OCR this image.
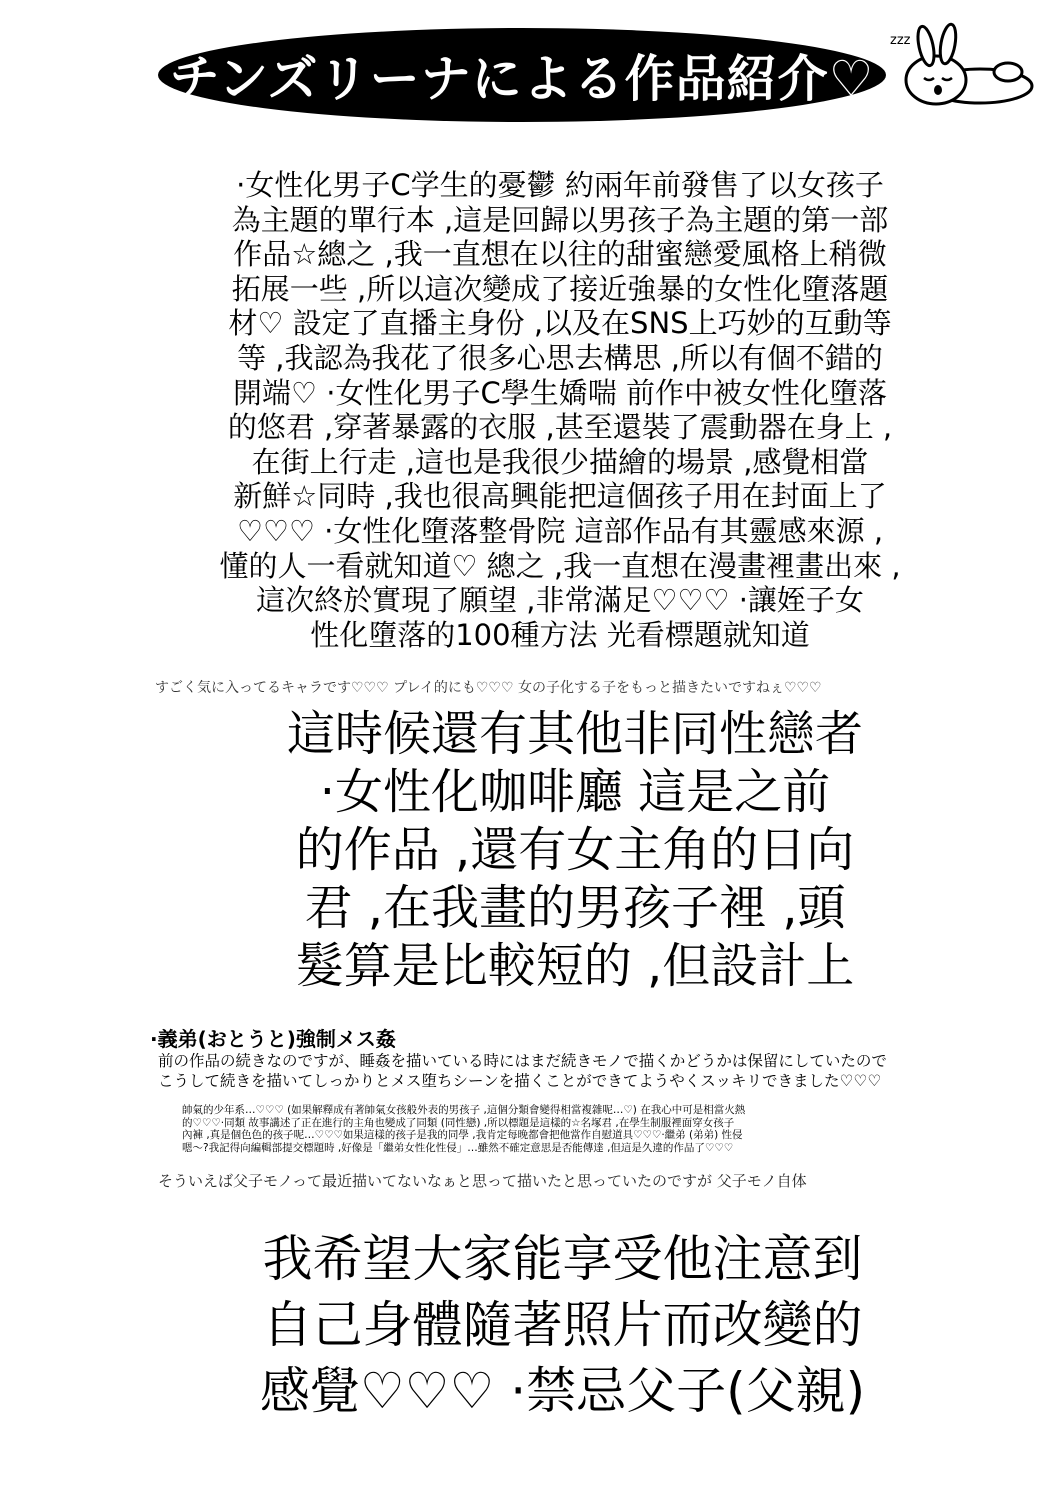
チンズリーナによる作品紹介♡
zzz
·女性化男子C学生的憂鬱 約兩年前發售了以女孩子
為主題的單行本 ,這是回歸以男孩子為主題的第一部
作品☆總之 ,我一直想在以往的甜蜜戀愛風格上稍微
拓展一些 ,所以這次變成了接近強暴的女性化墮落題
材♡ 設定了直播主身份 ,以及在SNS上巧妙的互動等
等 ,我認為我花了很多心思去構思 ,所以有個不錯的
開端♡ ·女性化男子C學生嬌喘 前作中被女性化墮落
的悠君 ,穿著暴露的衣服 ,甚至還裝了震動器在身上 ,
在街上行走 ,這也是我很少描繪的場景 ,感覺相當
新鮮☆同時 ,我也很高興能把這個孩子用在封面上了
♡♡♡ ·女性化墮落整骨院 這部作品有其靈感來源 ,
懂的人一看就知道♡ 總之 ,我一直想在漫畫裡畫出來 ,
這次終於實現了願望 ,非常滿足♡♡♡ ·讓姪子女
性化墮落的100種方法 光看標題就知道
すごく気に入ってるキャラです♡♡♡ プレイ的にも♡♡♡ 女の子化する子をもっと描きたいですねぇ♡♡♡
這時候還有其他非同性戀者
·女性化咖啡廳 這是之前
的作品 ,還有女主角的日向
君 ,在我畫的男孩子裡 ,頭
髮算是比較短的 ,但設計上
·義弟(おとうと)強制メス姦
前の作品の続きなのですが、睡姦を描いている時にはまだ続きモノで描くかどうかは保留にしていたので
こうして続きを描いてしっかりとメス堕ちシーンを描くことができてようやくスッキリできました♡♡♡
帥氣的少年系…♡♡♡ (如果解釋成有著帥氣女孩般外表的男孩子 ,這個分類會變得相當複雜呢…♡) 在我心中可是相當火熱
的♡♡♡·同類 故事講述了正在進行的主角也變成了同類 (同性戀) ,所以標題是這樣的☆名塚君 ,在學生制服裡面穿女孩子
內褲 ,真是個色色的孩子呢…♡♡♡如果這樣的孩子是我的同學 ,我肯定每晚都會把他當作自慰道具♡♡♡·繼弟 (弟弟) 性侵
嗯～?我記得向編輯部提交標題時 ,好像是「繼弟女性化性侵」…雖然不確定意思是否能傳達 ,但這是久違的作品了♡♡♡
そういえば父子モノって最近描いてないなぁと思って描いたと思っていたのですが 父子モノ自体
我希望大家能享受他注意到
自己身體隨著照片而改變的
感覺♡♡♡ ·禁忌父子(父親)
